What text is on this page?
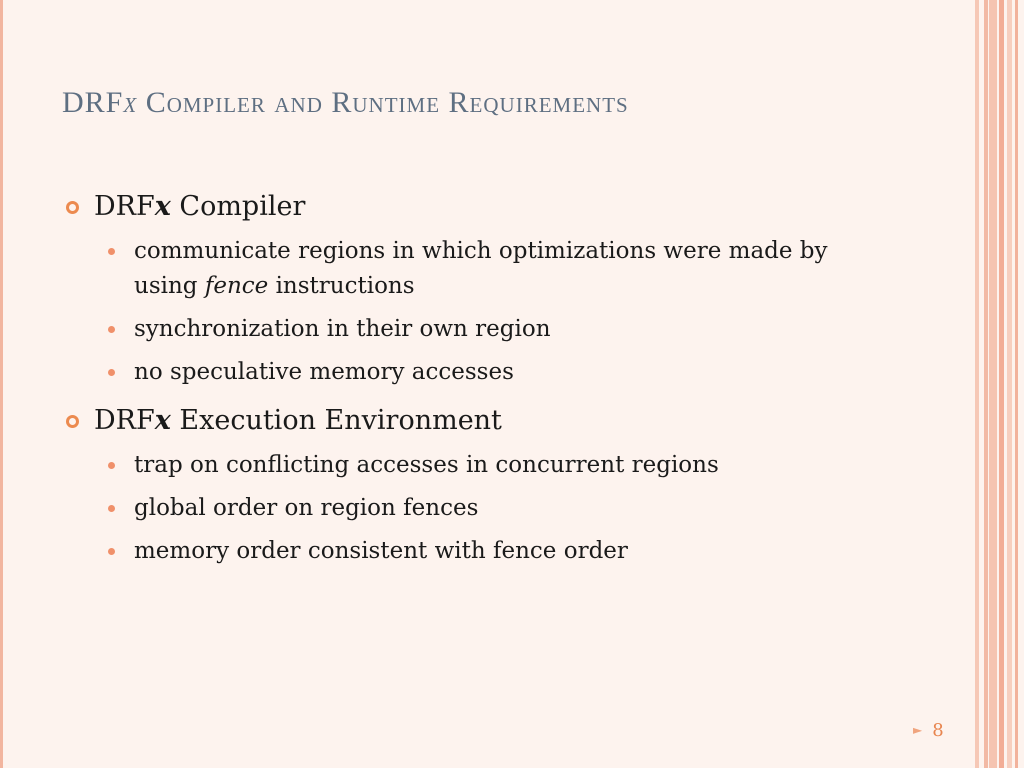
DRFx Compiler and Runtime Requirements
DRFx Compiler
communicate regions in which optimizations were made by using fence instructions
synchronization in their own region
no speculative memory accesses
DRFx Execution Environment
trap on conflicting accesses in concurrent regions
global order on region fences
memory order consistent with fence order
► 8
